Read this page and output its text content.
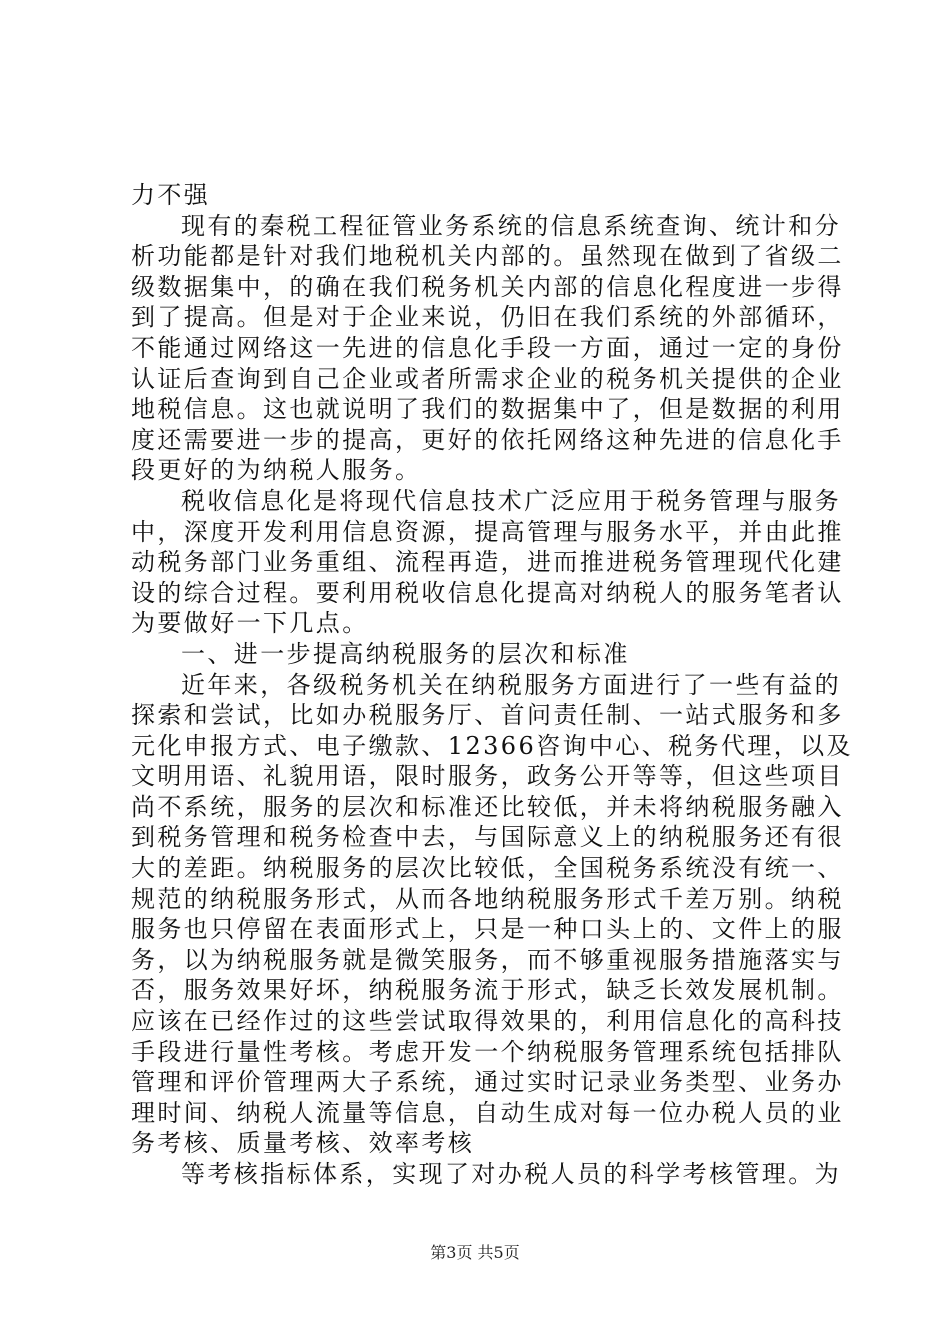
力不强
现有的秦税工程征管业务系统的信息系统查询、统计和分
析功能都是针对我们地税机关内部的。虽然现在做到了省级二
级数据集中，的确在我们税务机关内部的信息化程度进一步得
到了提高。但是对于企业来说，仍旧在我们系统的外部循环，
不能通过网络这一先进的信息化手段一方面，通过一定的身份
认证后查询到自己企业或者所需求企业的税务机关提供的企业
地税信息。这也就说明了我们的数据集中了，但是数据的利用
度还需要进一步的提高，更好的依托网络这种先进的信息化手
段更好的为纳税人服务。
税收信息化是将现代信息技术广泛应用于税务管理与服务
中，深度开发利用信息资源，提高管理与服务水平，并由此推
动税务部门业务重组、流程再造，进而推进税务管理现代化建
设的综合过程。要利用税收信息化提高对纳税人的服务笔者认
为要做好一下几点。
一、进一步提高纳税服务的层次和标准
近年来，各级税务机关在纳税服务方面进行了一些有益的
探索和尝试，比如办税服务厅、首问责任制、一站式服务和多
元化申报方式、电子缴款、12366咨询中心、税务代理，以及
文明用语、礼貌用语，限时服务，政务公开等等，但这些项目
尚不系统，服务的层次和标准还比较低，并未将纳税服务融入
到税务管理和税务检查中去，与国际意义上的纳税服务还有很
大的差距。纳税服务的层次比较低，全国税务系统没有统一、
规范的纳税服务形式，从而各地纳税服务形式千差万别。纳税
服务也只停留在表面形式上，只是一种口头上的、文件上的服
务，以为纳税服务就是微笑服务，而不够重视服务措施落实与
否，服务效果好坏，纳税服务流于形式，缺乏长效发展机制。
应该在已经作过的这些尝试取得效果的，利用信息化的高科技
手段进行量性考核。考虑开发一个纳税服务管理系统包括排队
管理和评价管理两大子系统，通过实时记录业务类型、业务办
理时间、纳税人流量等信息，自动生成对每一位办税人员的业
务考核、质量考核、效率考核
等考核指标体系，实现了对办税人员的科学考核管理。为
第3页 共5页
